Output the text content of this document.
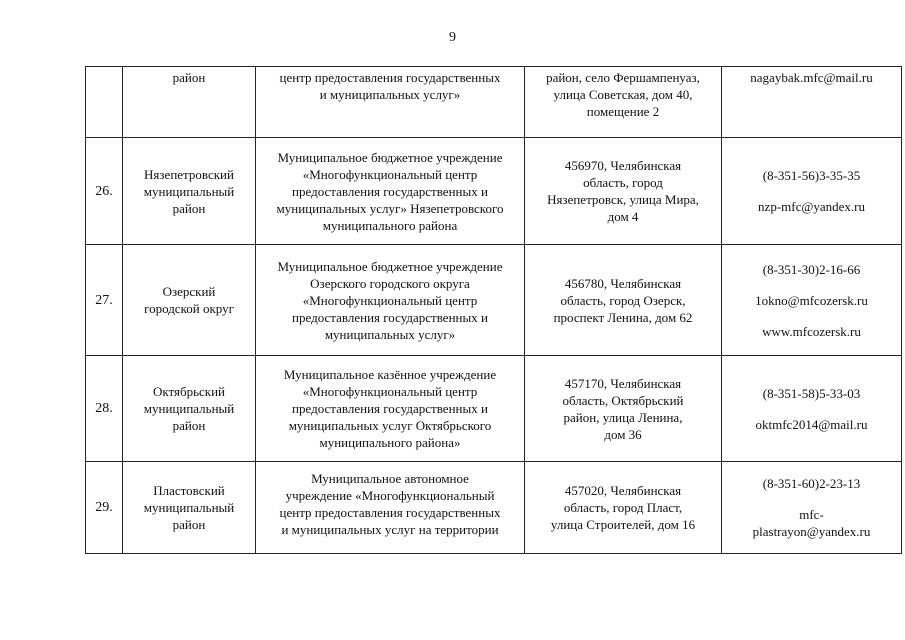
9

	район	центр предоставления государственных
и муниципальных услуг»	район, село Фершампенуаз,
улица Советская, дом 40,
помещение 2	nagaybak.mfc@mail.ru

26.	Нязепетровский
муниципальный
район	Муниципальное бюджетное учреждение
«Многофункциональный центр
предоставления государственных и
муниципальных услуг» Нязепетровского
муниципального района	456970, Челябинская
область, город
Нязепетровск, улица Мира,
дом 4	(8-351-56)3-35-35
nzp-mfc@yandex.ru

27.	Озерский
городской округ	Муниципальное бюджетное учреждение
Озерского городского округа
«Многофункциональный центр
предоставления государственных и
муниципальных услуг»	456780, Челябинская
область, город Озерск,
проспект Ленина, дом 62	(8-351-30)2-16-66
1okno@mfcozersk.ru
www.mfcozersk.ru

28.	Октябрьский
муниципальный
район	Муниципальное казённое учреждение
«Многофункциональный центр
предоставления государственных и
муниципальных услуг Октябрьского
муниципального района»	457170, Челябинская
область, Октябрьский
район, улица Ленина,
дом 36	(8-351-58)5-33-03
oktmfc2014@mail.ru

29.	Пластовский
муниципальный
район	Муниципальное автономное
учреждение «Многофункциональный
центр предоставления государственных
и муниципальных услуг на территории	457020, Челябинская
область, город Пласт,
улица Строителей, дом 16	(8-351-60)2-23-13
mfc-
plastrayon@yandex.ru
